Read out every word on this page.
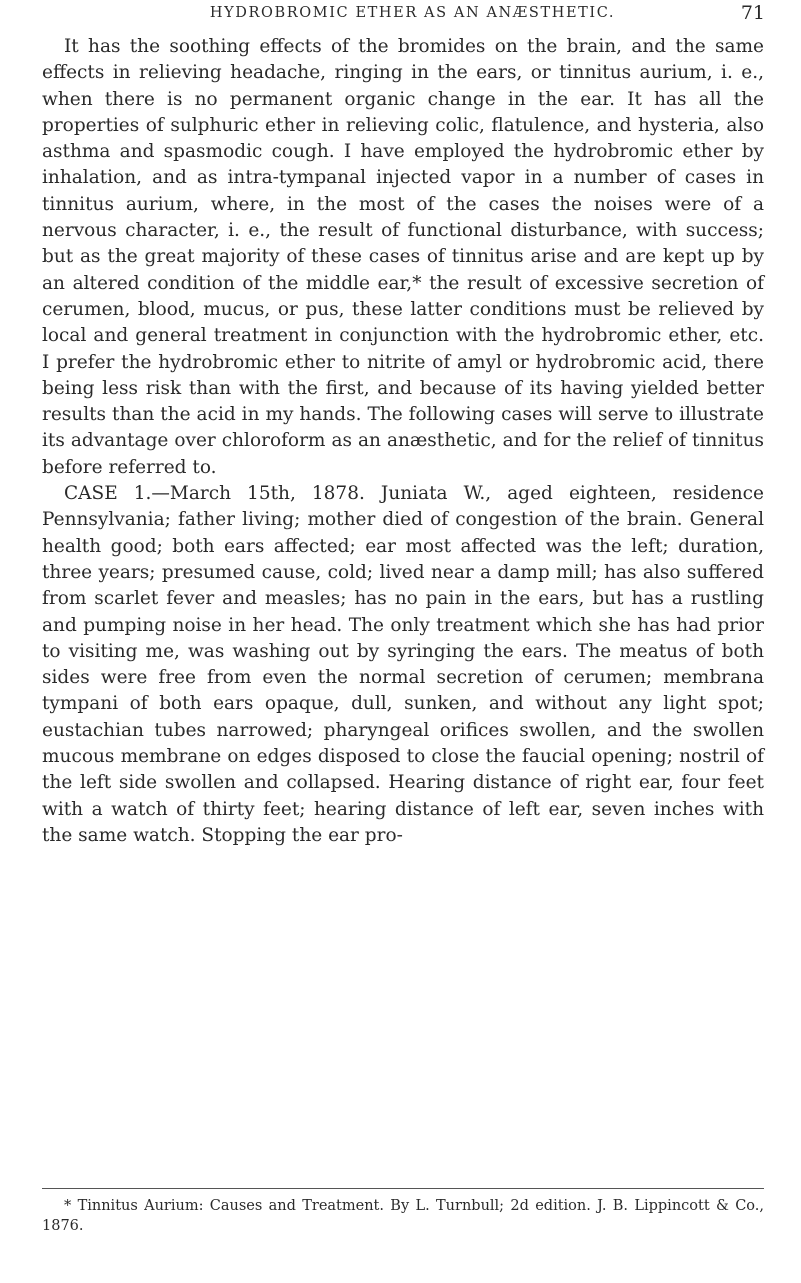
HYDROBROMIC ETHER AS AN ANÆSTHETIC.	71

It has the soothing effects of the bromides on the brain, and the same effects in relieving headache, ringing in the ears, or tinnitus aurium, i. e., when there is no permanent organic change in the ear. It has all the properties of sulphuric ether in relieving colic, flatulence, and hysteria, also asthma and spasmodic cough. I have employed the hydrobromic ether by inhalation, and as intra-tympanal injected vapor in a number of cases in tinnitus aurium, where, in the most of the cases the noises were of a nervous character, i. e., the result of functional disturbance, with success; but as the great majority of these cases of tinnitus arise and are kept up by an altered condition of the middle ear,* the result of excessive secretion of cerumen, blood, mucus, or pus, these latter conditions must be relieved by local and general treatment in conjunction with the hydrobromic ether, etc. I prefer the hydrobromic ether to nitrite of amyl or hydrobromic acid, there being less risk than with the first, and because of its having yielded better results than the acid in my hands. The following cases will serve to illustrate its advantage over chloroform as an anæsthetic, and for the relief of tinnitus before referred to.

CASE 1.—March 15th, 1878. Juniata W., aged eighteen, residence Pennsylvania; father living; mother died of congestion of the brain. General health good; both ears affected; ear most affected was the left; duration, three years; presumed cause, cold; lived near a damp mill; has also suffered from scarlet fever and measles; has no pain in the ears, but has a rustling and pumping noise in her head. The only treatment which she has had prior to visiting me, was washing out by syringing the ears. The meatus of both sides were free from even the normal secretion of cerumen; membrana tympani of both ears opaque, dull, sunken, and without any light spot; eustachian tubes narrowed; pharyngeal orifices swollen, and the swollen mucous membrane on edges disposed to close the faucial opening; nostril of the left side swollen and collapsed. Hearing distance of right ear, four feet with a watch of thirty feet; hearing distance of left ear, seven inches with the same watch. Stopping the ear pro-

* Tinnitus Aurium: Causes and Treatment. By L. Turnbull; 2d edition. J. B. Lippincott & Co., 1876.
